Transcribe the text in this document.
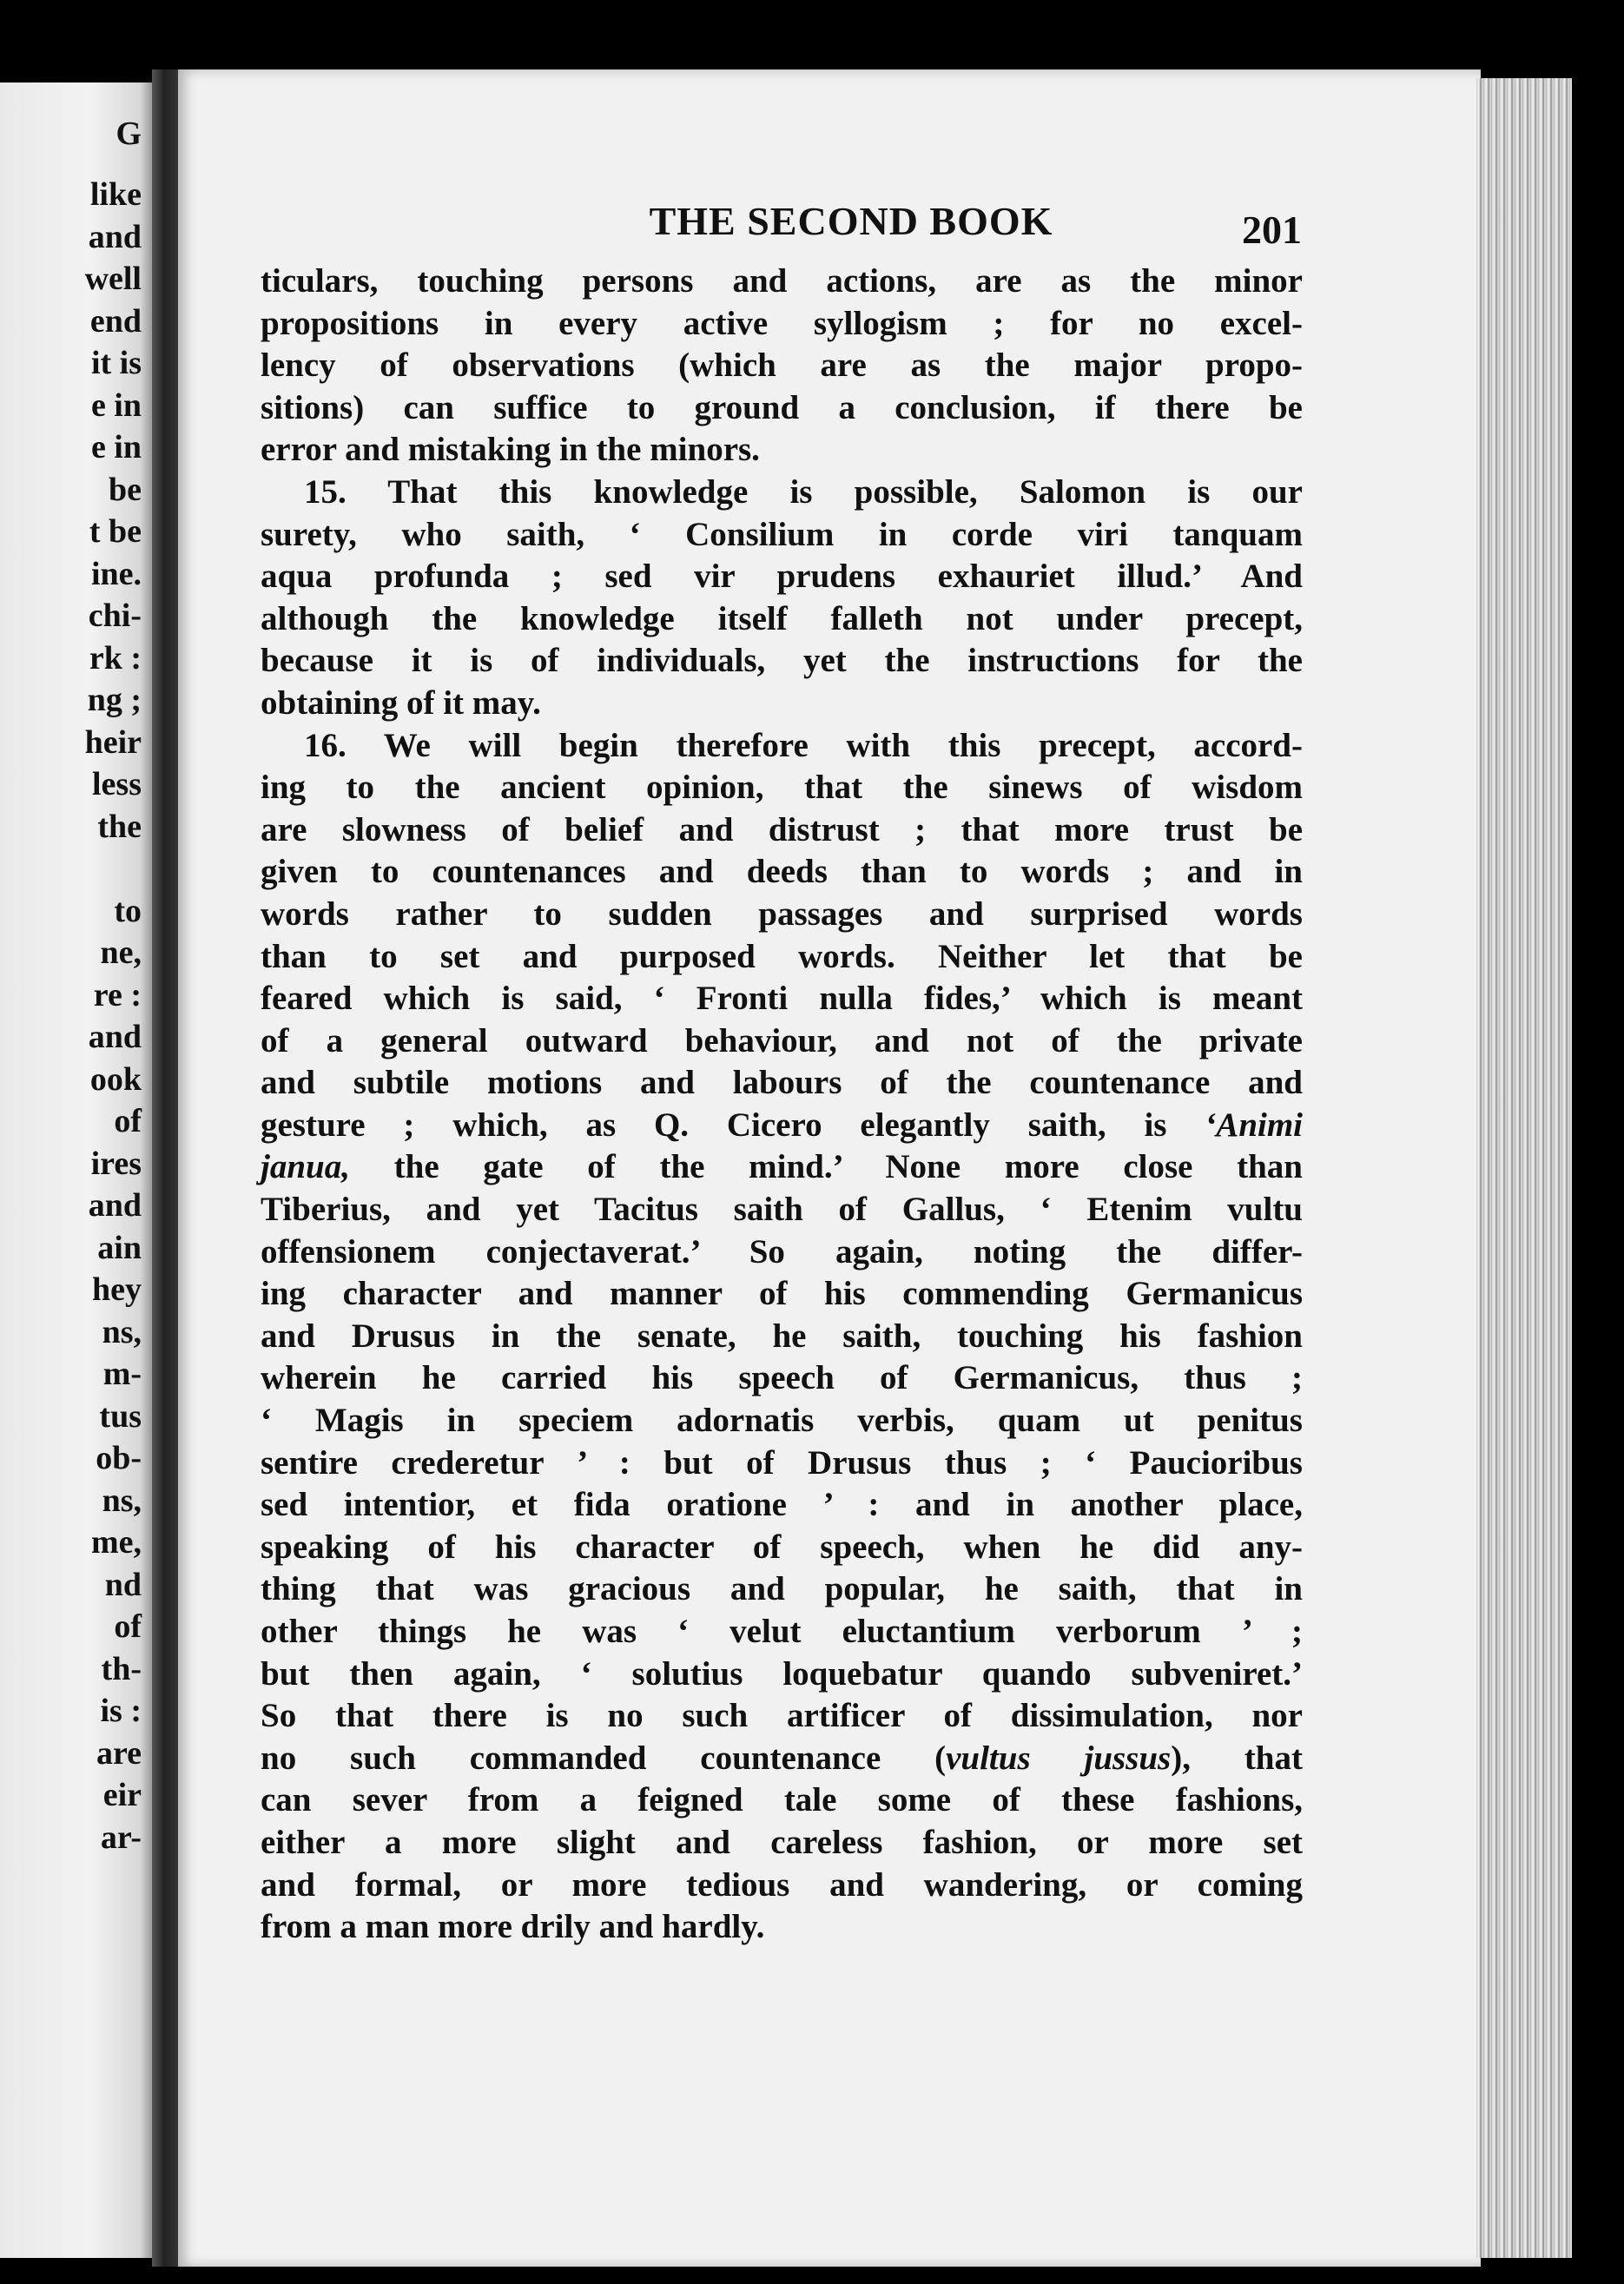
G
like
and
well
end
it is
e in
e in
be
t be
ine.
chi-
rk :
ng ;
heir
less
the
to
ne,
re :
and
ook
of
ires
and
ain
hey
ns,
m-
tus
ob-
ns,
me,
nd
of
th-
is :
are
eir
ar-
THE SECOND BOOK	201
ticulars, touching persons and actions, are as the minor
propositions in every active syllogism ; for no excel-
lency of observations (which are as the major propo-
sitions) can suffice to ground a conclusion, if there be
error and mistaking in the minors.
15. That this knowledge is possible, Salomon is our
surety, who saith, ‘ Consilium in corde viri tanquam
aqua profunda ; sed vir prudens exhauriet illud.’ And
although the knowledge itself falleth not under precept,
because it is of individuals, yet the instructions for the
obtaining of it may.
16. We will begin therefore with this precept, accord-
ing to the ancient opinion, that the sinews of wisdom
are slowness of belief and distrust ; that more trust be
given to countenances and deeds than to words ; and in
words rather to sudden passages and surprised words
than to set and purposed words. Neither let that be
feared which is said, ‘ Fronti nulla fides,’ which is meant
of a general outward behaviour, and not of the private
and subtile motions and labours of the countenance and
gesture ; which, as Q. Cicero elegantly saith, is ‘Animi
janua, the gate of the mind.’ None more close than
Tiberius, and yet Tacitus saith of Gallus, ‘ Etenim vultu
offensionem conjectaverat.’ So again, noting the differ-
ing character and manner of his commending Germanicus
and Drusus in the senate, he saith, touching his fashion
wherein he carried his speech of Germanicus, thus ;
‘ Magis in speciem adornatis verbis, quam ut penitus
sentire crederetur ’ : but of Drusus thus ; ‘ Paucioribus
sed intentior, et fida oratione ’ : and in another place,
speaking of his character of speech, when he did any-
thing that was gracious and popular, he saith, that in
other things he was ‘ velut eluctantium verborum ’ ;
but then again, ‘ solutius loquebatur quando subveniret.’
So that there is no such artificer of dissimulation, nor
no such commanded countenance (vultus jussus), that
can sever from a feigned tale some of these fashions,
either a more slight and careless fashion, or more set
and formal, or more tedious and wandering, or coming
from a man more drily and hardly.
